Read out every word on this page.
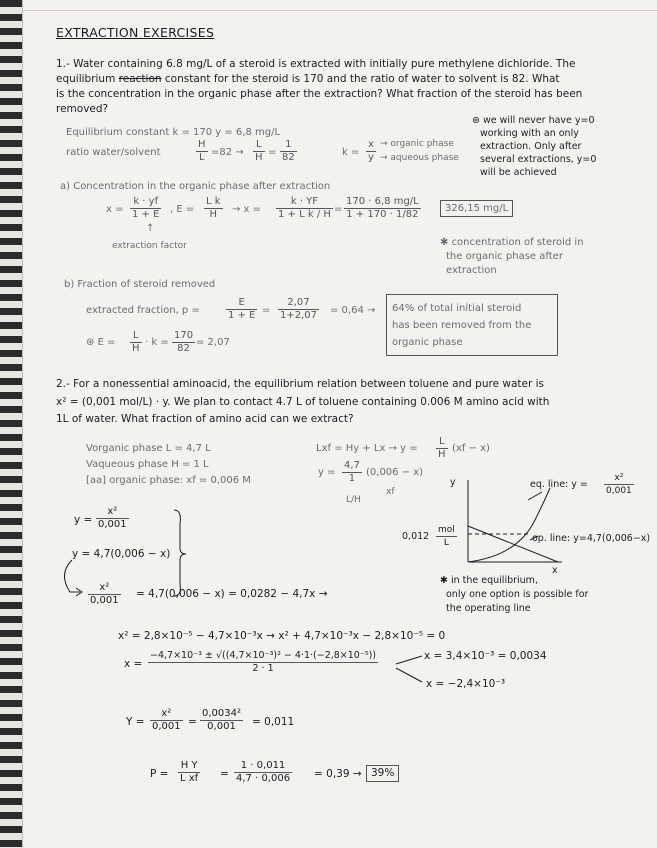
EXTRACTION EXERCISES
1.- Water containing 6.8 mg/L of a steroid is extracted with initially pure methylene dichloride. The
equilibrium reaction constant for the steroid is 170 and the ratio of water to solvent is 82. What
is the concentration in the organic phase after the extraction? What fraction of the steroid has been
removed?
Equilibrium constant k = 170 y = 6,8 mg/L
ratio water/solvent	$\frac{H}{L} =82 \to \frac{L}{H} = \frac{1}{82}$	$k = \frac{x}{y}$ → organic phase
→ aqueous phase
⊛ we will never have y=0
working with an only
extraction. Only after
several extractions, y=0
will be achieved
a) Concentration in the organic phase after extraction
$x = \frac{k \cdot yf}{1 + E}$ , $E = \frac{\text{L k}}{H} \to x = \frac{k \cdot YF}{\text{1 + L k / H}} = \frac{170 \cdot 6,8 mg/L}{1 + 170 \cdot 1/82}$	326,15 mg/L
↑
extraction factor	✱ concentration of steroid in
the organic phase after
extraction
b) Fraction of steroid removed
extracted fraction, p =	$\frac{E}{1 + E} = \frac{2,07}{1+2,07} = 0,64 \to 64\%$ of total initial steroid
has been removed from the
organic phase
⊛ $E = \frac{L}{H} \cdot k = \frac{170}{82} = 2,07$
2.- For a nonessential aminoacid, the equilibrium relation between toluene and pure water is
x² = (0,001 mol/L) · y. We plan to contact 4.7 L of toluene containing 0.006 M amino acid with
1L of water. What fraction of amino acid can we extract?
Vorganic phase L = 4,7 L
Vaqueous phase H = 1 L
[aa] organic phase: xf = 0,006 M
Lxf = $Hy + Lx \to y = \frac{L}{H} (xf - x)$
$y = \frac{4,7}{1} (0,006 - x)$
L/H
xf
$y = \frac{\text{x²}}{0,001}$
y = 4,7(0,006 − x)
$\frac{\text{x²}}{0,001} = 4,7(0,006 - x) = 0,0282 - 4,7x$ →
y
x
eq. line: $y = \frac{\text{x²}}{0,001}$
op. line: y=4,7(0,006−x)
0,012
mol
L
✱ in the equilibrium,
only one option is possible for
the operating line
x² = 2,8×10⁻⁵ − 4,7×10⁻³x → x² + 4,7×10⁻³x − 2,8×10⁻⁵ = 0
$x = \frac{\text{−4,7×10⁻³ ± √((4,7×10⁻³)² − 4·1·(−2,8×10⁻⁵))}}{2 \cdot 1}$	x = 3,4×10⁻³ = 0,0034
x = −2,4×10⁻³
$Y = \frac{\text{x²}}{0,001} = \frac{\text{0,0034²}}{0,001} = 0,011$
$P = \frac{\text{H Y}}{\text{L xf}} = \frac{1 \cdot 0,011}{4,7 \cdot 0,006} = 0,39 \to 39\%$
